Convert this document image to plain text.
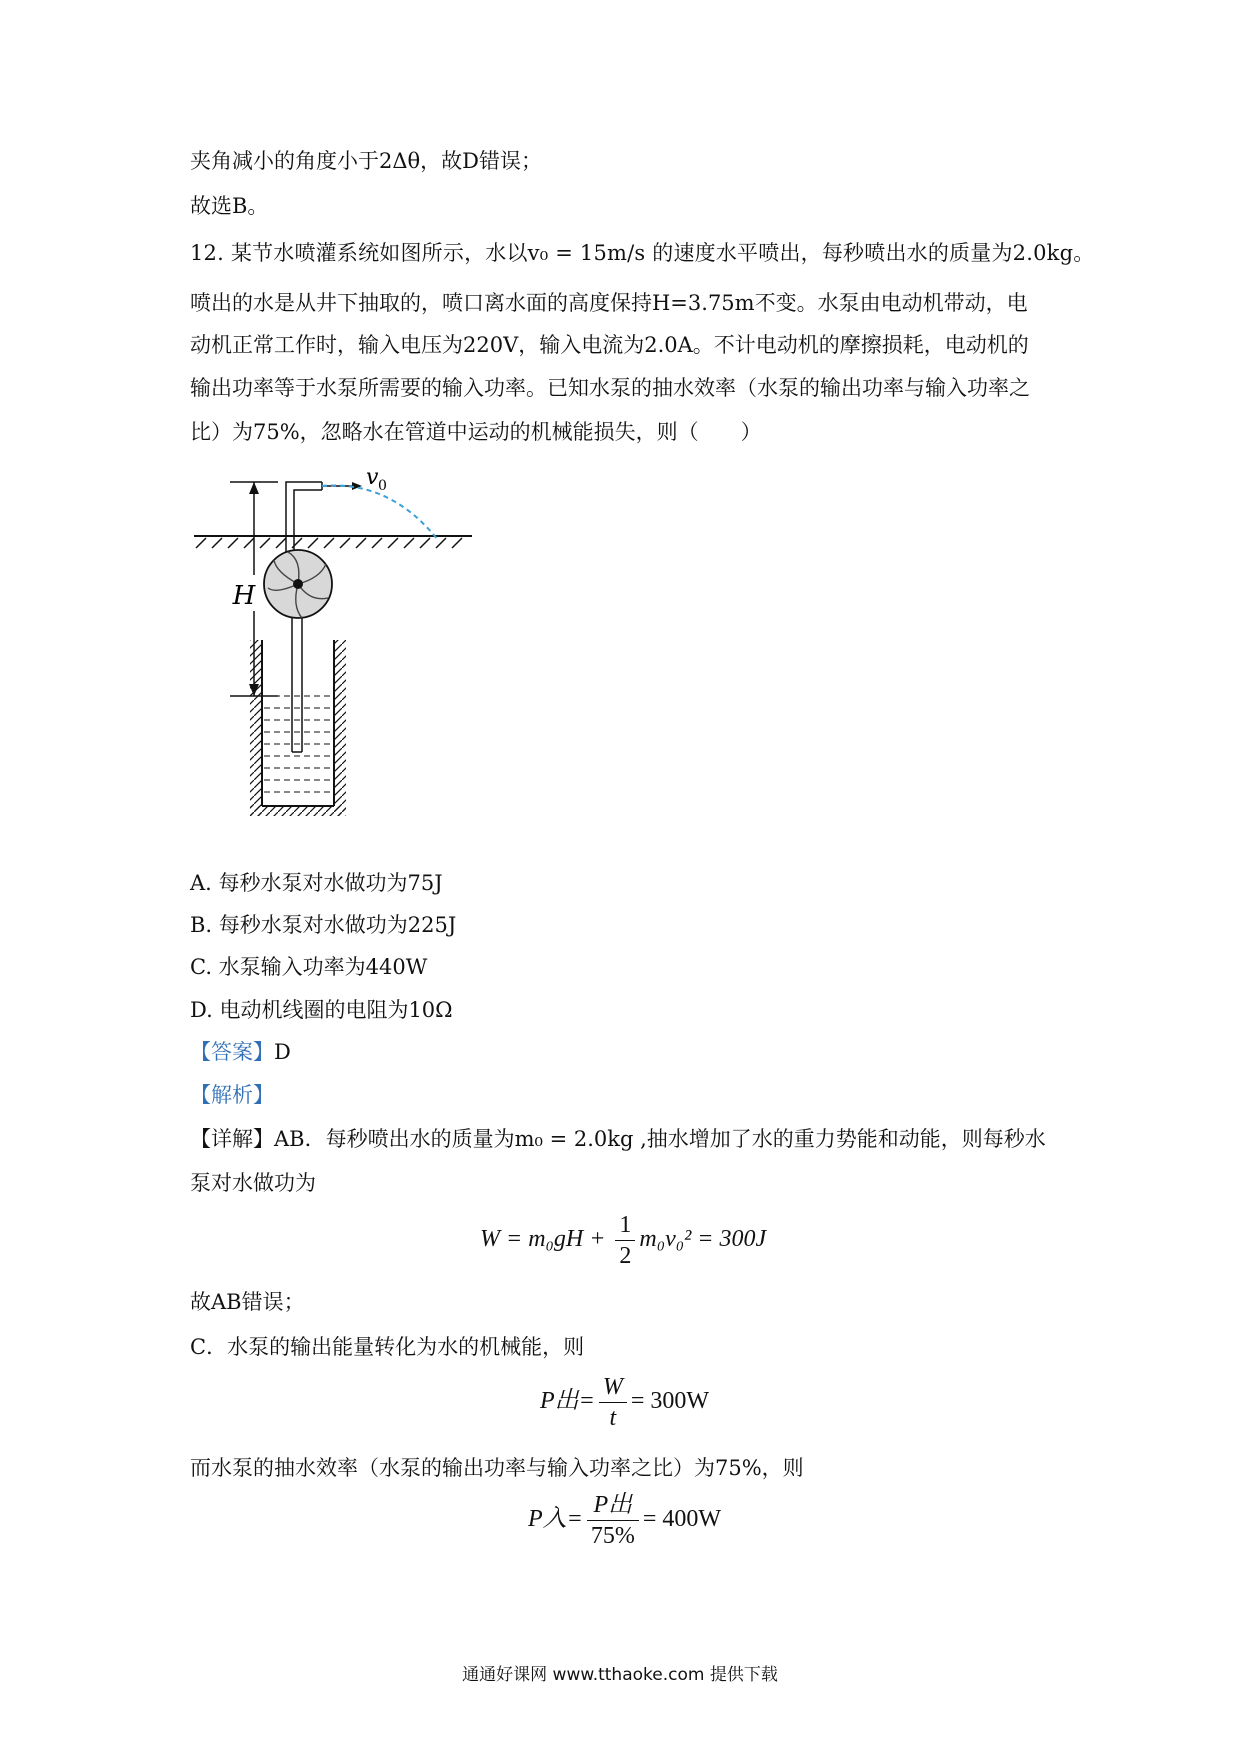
夹角减小的角度小于2Δθ，故D错误；
故选B。
12. 某节水喷灌系统如图所示，水以v₀ = 15m/s 的速度水平喷出，每秒喷出水的质量为2.0kg。
喷出的水是从井下抽取的，喷口离水面的高度保持H=3.75m不变。水泵由电动机带动，电
动机正常工作时，输入电压为220V，输入电流为2.0A。不计电动机的摩擦损耗，电动机的
输出功率等于水泵所需要的输入功率。已知水泵的抽水效率（水泵的输出功率与输入功率之
比）为75%，忽略水在管道中运动的机械能损失，则（　　）
H
v 0
A. 每秒水泵对水做功为75J
B. 每秒水泵对水做功为225J
C. 水泵输入功率为440W
D. 电动机线圈的电阻为10Ω
【答案】D
【解析】
【详解】AB．每秒喷出水的质量为m₀ = 2.0kg ,抽水增加了水的重力势能和动能，则每秒水
泵对水做功为
$W = m_0gH + \frac{1}{2} m_0v_0^2 = 300J$
故AB错误；
C．水泵的输出能量转化为水的机械能，则
P出= $\frac{W}{t} = 300W$
而水泵的抽水效率（水泵的输出功率与输入功率之比）为75%，则
P入= $\frac{\text{P出}}{75\%} = 400W$
通通好课网 www.tthaoke.com 提供下载
